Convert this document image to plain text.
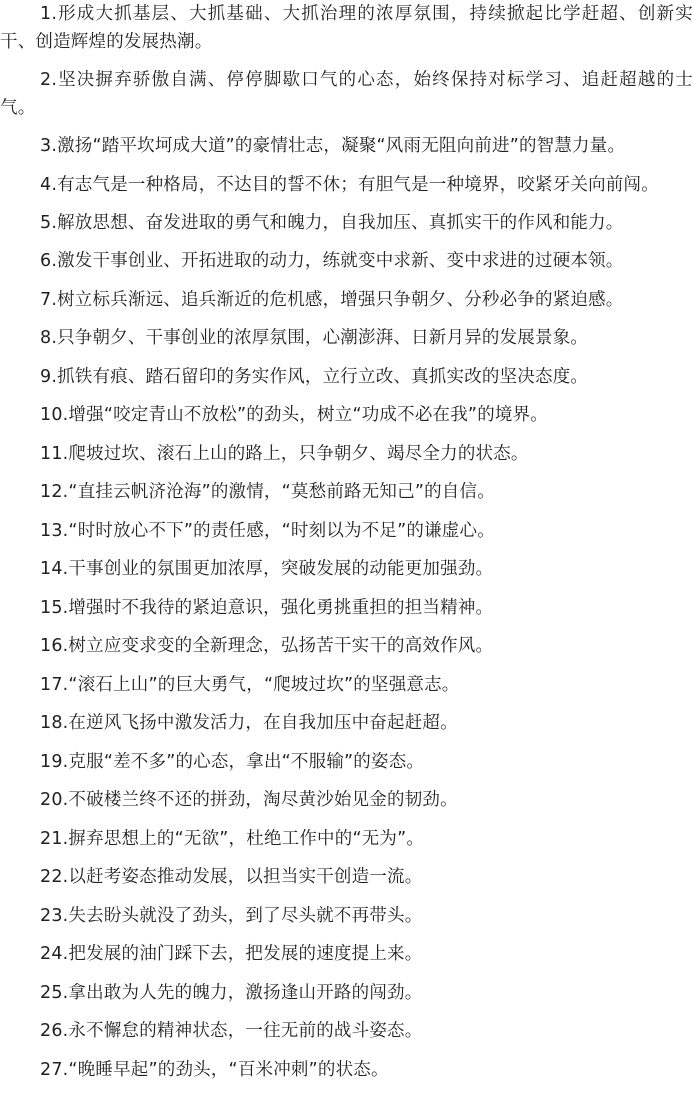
1.形成大抓基层、大抓基础、大抓治理的浓厚氛围，持续掀起比学赶超、创新实干、创造辉煌的发展热潮。

2.坚决摒弃骄傲自满、停停脚歇口气的心态，始终保持对标学习、追赶超越的士气。

3.激扬“踏平坎坷成大道”的豪情壮志，凝聚“风雨无阻向前进”的智慧力量。

4.有志气是一种格局，不达目的誓不休；有胆气是一种境界，咬紧牙关向前闯。

5.解放思想、奋发进取的勇气和魄力，自我加压、真抓实干的作风和能力。

6.激发干事创业、开拓进取的动力，练就变中求新、变中求进的过硬本领。

7.树立标兵渐远、追兵渐近的危机感，增强只争朝夕、分秒必争的紧迫感。

8.只争朝夕、干事创业的浓厚氛围，心潮澎湃、日新月异的发展景象。

9.抓铁有痕、踏石留印的务实作风，立行立改、真抓实改的坚决态度。

10.增强“咬定青山不放松”的劲头，树立“功成不必在我”的境界。

11.爬坡过坎、滚石上山的路上，只争朝夕、竭尽全力的状态。

12.“直挂云帆济沧海”的激情，“莫愁前路无知己”的自信。

13.“时时放心不下”的责任感，“时刻以为不足”的谦虚心。

14.干事创业的氛围更加浓厚，突破发展的动能更加强劲。

15.增强时不我待的紧迫意识，强化勇挑重担的担当精神。

16.树立应变求变的全新理念，弘扬苦干实干的高效作风。

17.“滚石上山”的巨大勇气，“爬坡过坎”的坚强意志。

18.在逆风飞扬中激发活力，在自我加压中奋起赶超。

19.克服“差不多”的心态，拿出“不服输”的姿态。

20.不破楼兰终不还的拼劲，淘尽黄沙始见金的韧劲。

21.摒弃思想上的“无欲”，杜绝工作中的“无为”。

22.以赶考姿态推动发展，以担当实干创造一流。

23.失去盼头就没了劲头，到了尽头就不再带头。

24.把发展的油门踩下去，把发展的速度提上来。

25.拿出敢为人先的魄力，激扬逢山开路的闯劲。

26.永不懈怠的精神状态，一往无前的战斗姿态。

27.“晚睡早起”的劲头，“百米冲刺”的状态。
